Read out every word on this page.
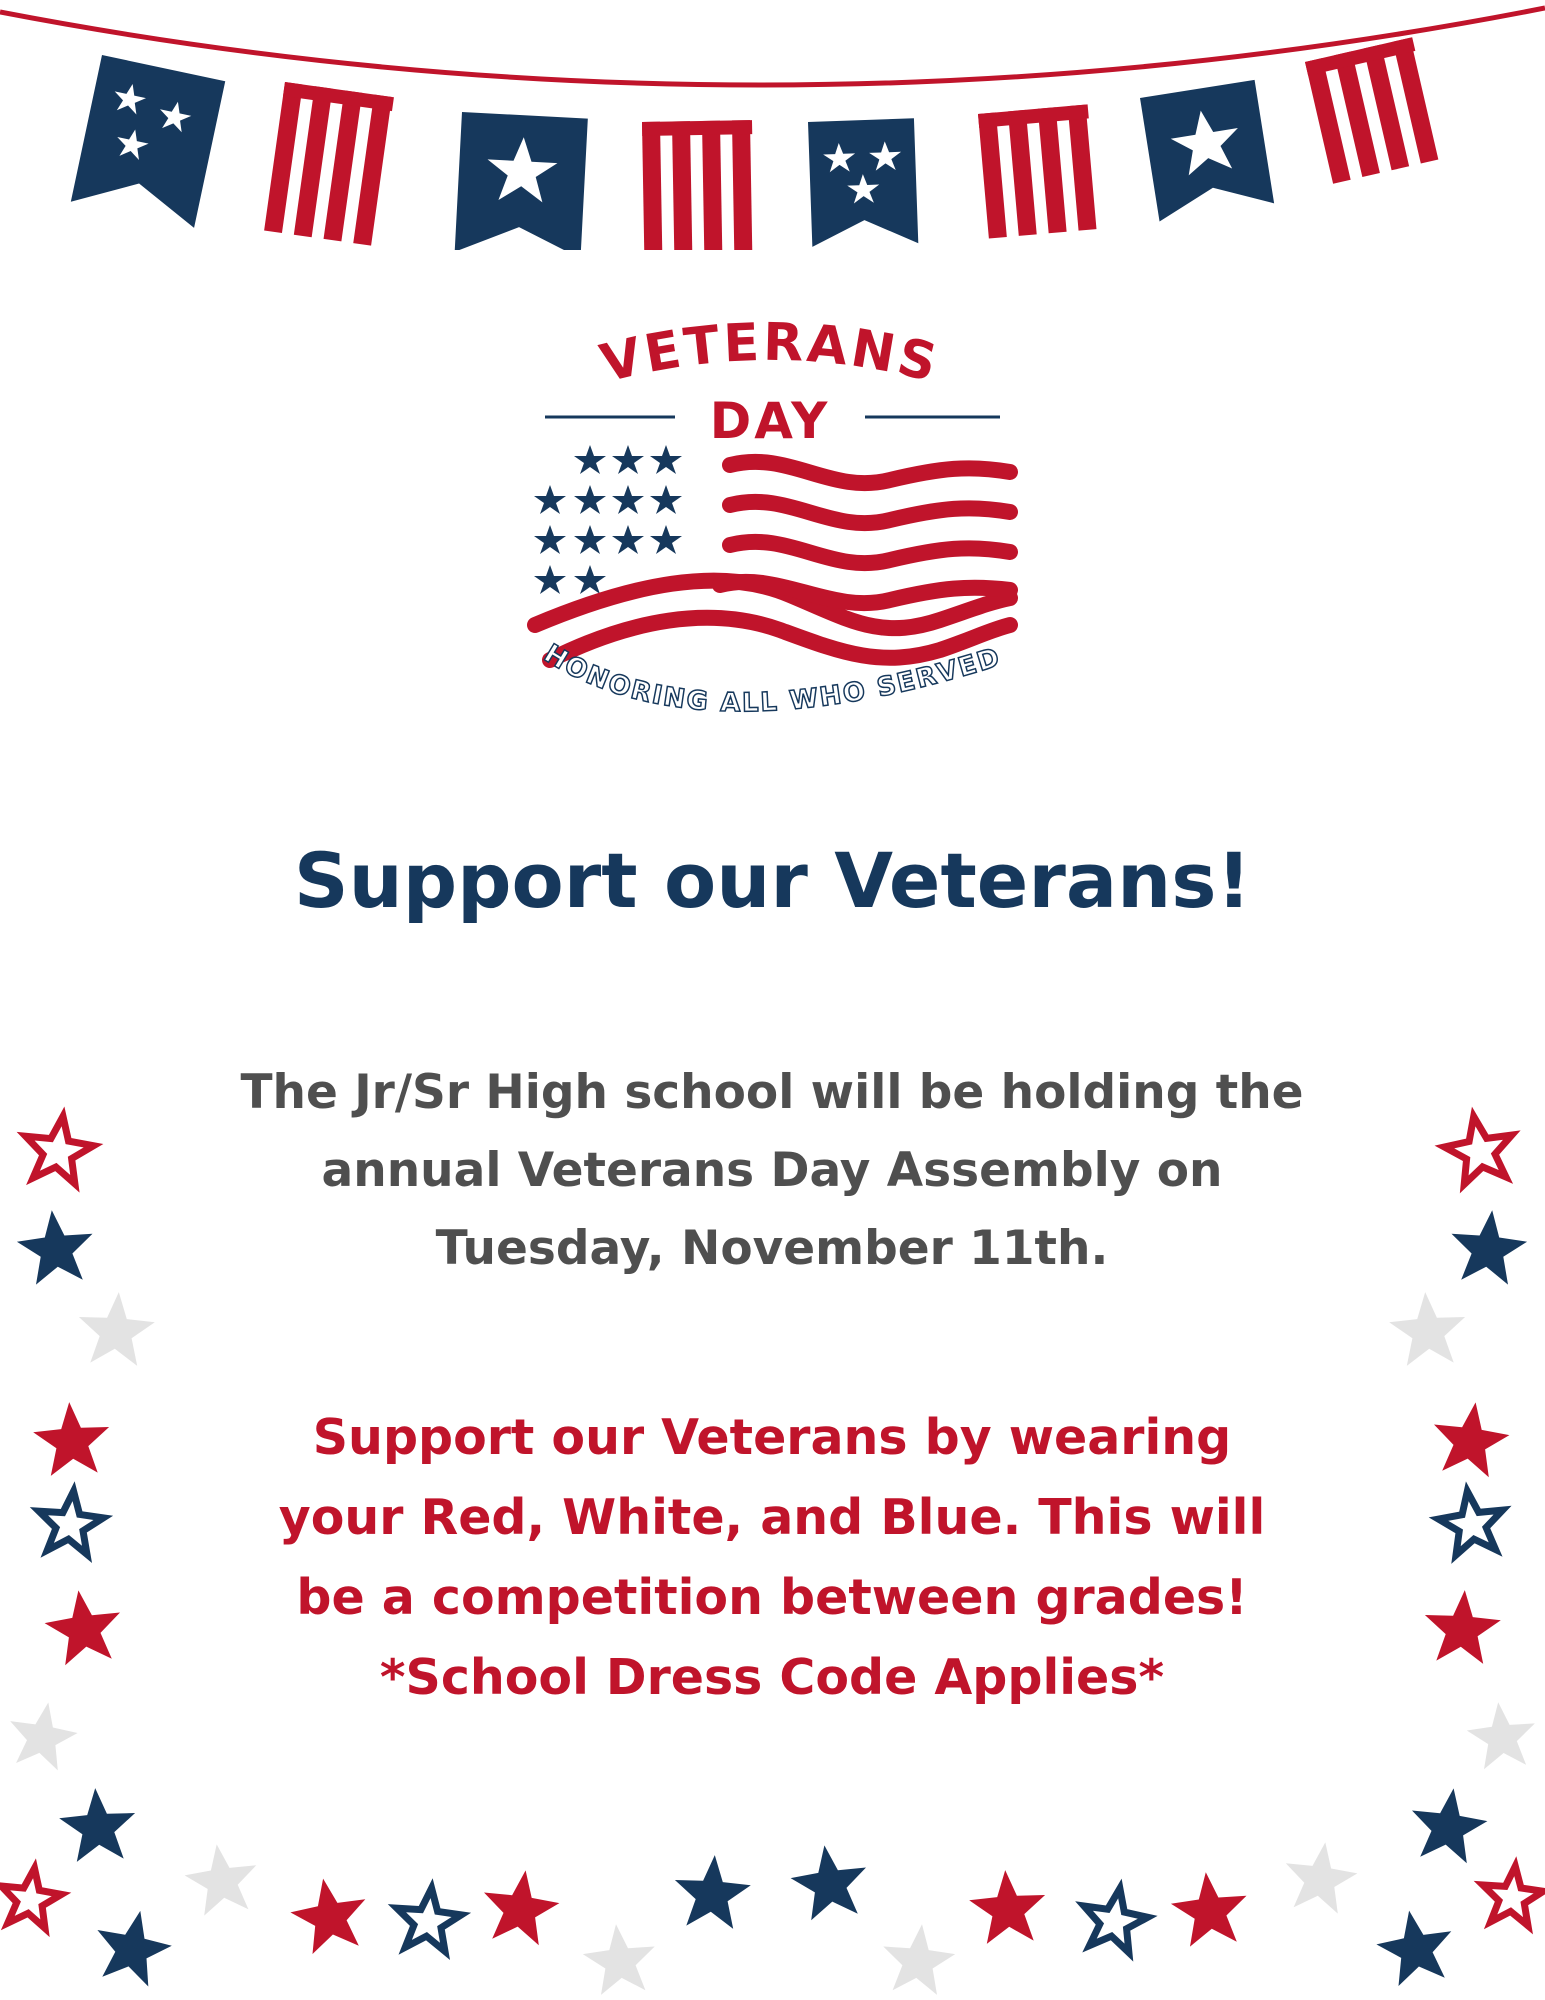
VETERANS
DAY
HONORING ALL WHO SERVED
Support our Veterans!
The Jr/Sr High school will be holding the
annual Veterans Day Assembly on
Tuesday, November 11th.
Support our Veterans by wearing
your Red, White, and Blue. This will
be a competition between grades!
*School Dress Code Applies*
